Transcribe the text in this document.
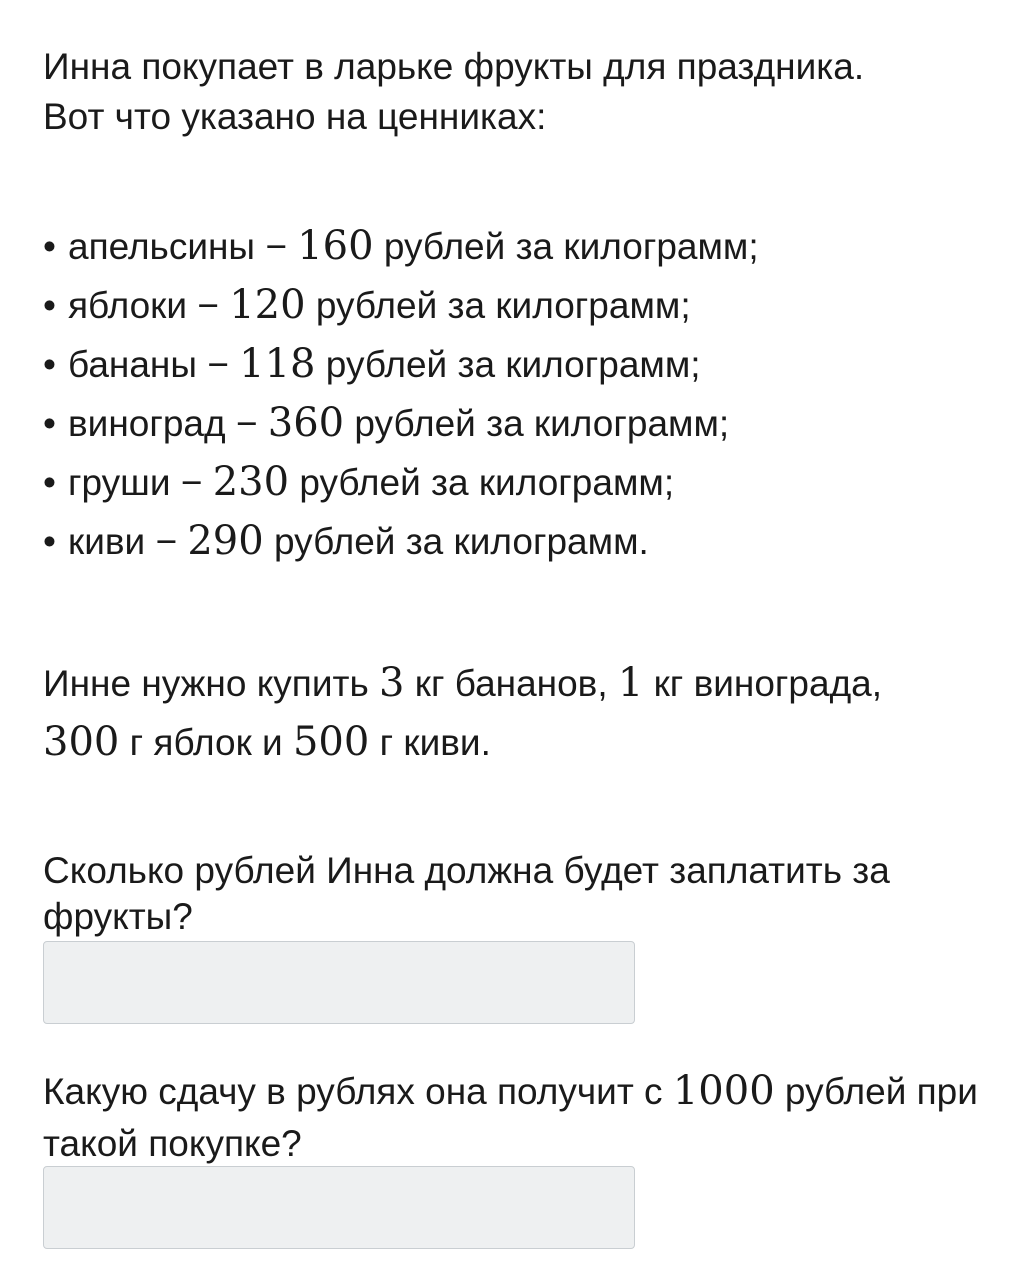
Инна покупает в ларьке фрукты для праздника.
Вот что указано на ценниках:

• апельсины − 160 рублей за килограмм;
• яблоки − 120 рублей за килограмм;
• бананы − 118 рублей за килограмм;
• виноград − 360 рублей за килограмм;
• груши − 230 рублей за килограмм;
• киви − 290 рублей за килограмм.

Инне нужно купить 3 кг бананов, 1 кг винограда,
300 г яблок и 500 г киви.

Сколько рублей Инна должна будет заплатить за фрукты?

Какую сдачу в рублях она получит с 1000 рублей при такой покупке?
